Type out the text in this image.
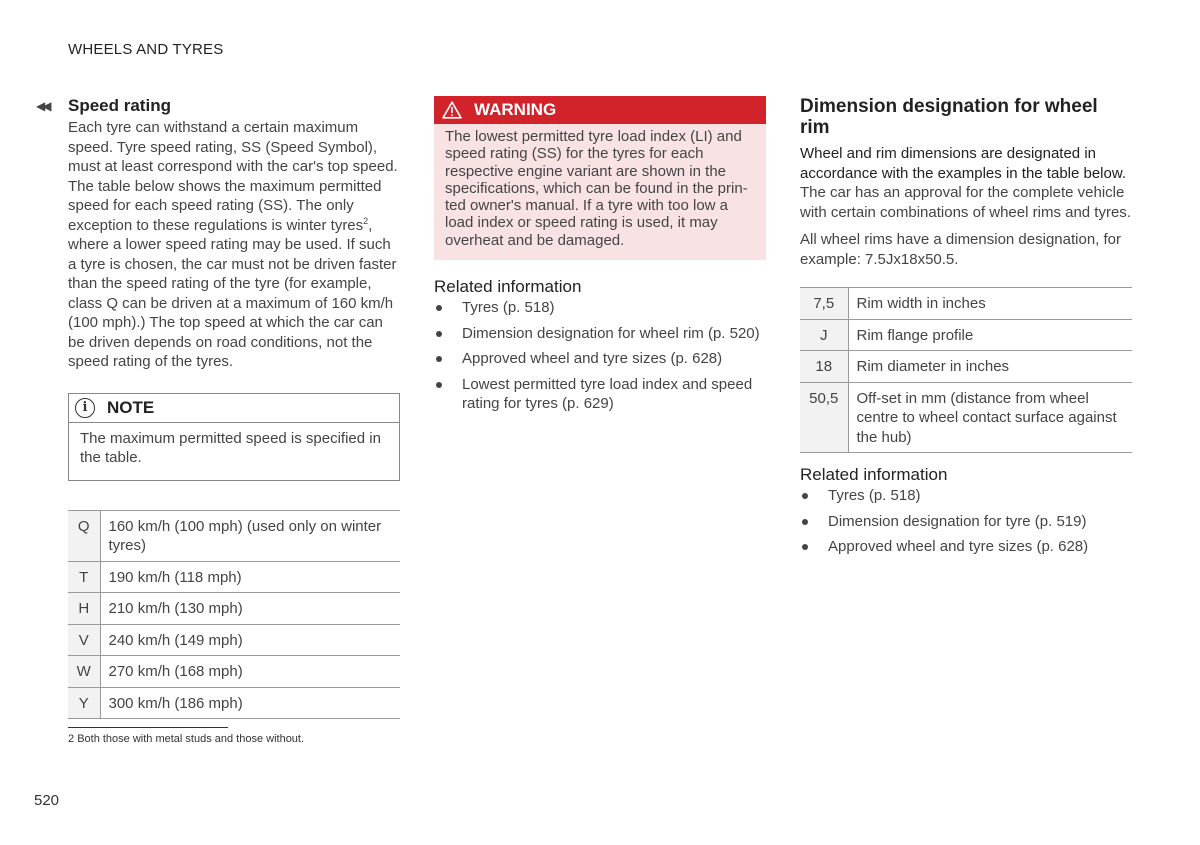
WHEELS AND TYRES
◀◀ Speed rating

Each tyre can withstand a certain maximum speed. Tyre speed rating, SS (Speed Symbol), must at least correspond with the car's top speed. The table below shows the maximum permitted speed for each speed rating (SS). The only exception to these regulations is winter tyres$^2$, where a lower speed rating may be used. If such a tyre is chosen, the car must not be driven faster than the speed rating of the tyre (for example, class Q can be driven at a maximum of 160 km/h (100 mph).) The top speed at which the car can be driven depends on road conditions, not the speed rating of the tyres.

i	NOTE

The maximum permitted speed is specified in the table.

Q	160 km/h (100 mph) (used only on winter tyres)
T	190 km/h (118 mph)
H	210 km/h (130 mph)
V	240 km/h (149 mph)
W	270 km/h (168 mph)
Y	300 km/h (186 mph)
WARNING

The lowest permitted tyre load index (LI) and speed rating (SS) for the tyres for each respective engine variant are shown in the specifications, which can be found in the printed owner's manual. If a tyre with too low a load index or speed rating is used, it may overheat and be damaged.

Related information
Tyres (p. 518)
Dimension designation for wheel rim (p. 520)
Approved wheel and tyre sizes (p. 628)
Lowest permitted tyre load index and speed rating for tyres (p. 629)
Dimension designation for wheel rim

Wheel and rim dimensions are designated in accordance with the examples in the table below.

The car has an approval for the complete vehicle with certain combinations of wheel rims and tyres.

All wheel rims have a dimension designation, for example: 7.5Jx18x50.5.

7,5	Rim width in inches
J	Rim flange profile
18	Rim diameter in inches
50,5	Off-set in mm (distance from wheel centre to wheel contact surface against the hub)
Related information
Tyres (p. 518)
Dimension designation for tyre (p. 519)
Approved wheel and tyre sizes (p. 628)
2 Both those with metal studs and those without.
520
